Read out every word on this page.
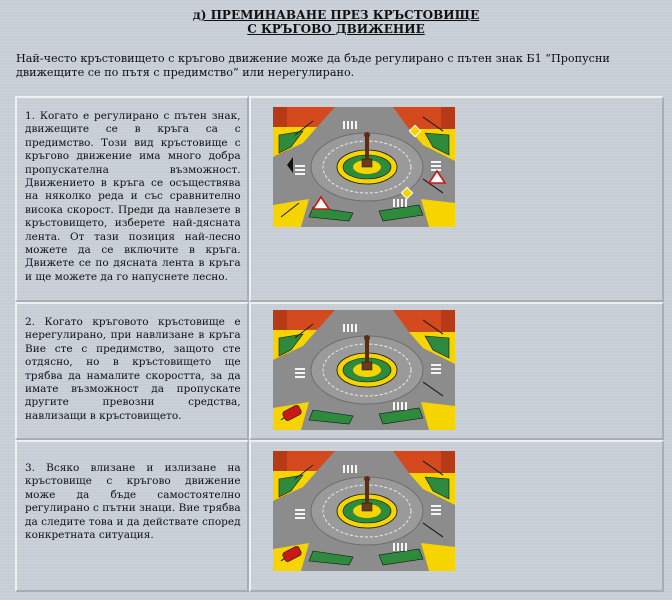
д) ПРЕМИНАВАНЕ ПРЕЗ КРЪСТОВИЩЕ
С КРЪГОВО ДВИЖЕНИЕ
Най-често кръстовището с кръгово движение може да бъде регулирано с пътен знак Б1 “Пропусни движещите се по пътя с предимство” или нерегулирано.
1. Когато е регулирано с пътен знак, движещите се в кръга са с предимство. Този вид кръстовище с кръгово движение има много добра пропускателна възможност. Движението в кръга се осъществява на няколко реда и със сравнително висока скорост. Преди да навлезете в кръстовището, изберете най-дясната лента. От тази позиция най-лесно можете да се включите в кръга. Движете се по дясната лента в кръга и ще можете да го напуснете лесно.

2. Когато кръговото кръстовище е нерегулирано, при навлизане в кръга Вие сте с предимство, защото сте отдясно, но в кръстовището ще трябва да намалите скоростта, за да имате възможност да пропускате другите превозни средства, навлизащи в кръстовището.

3. Всяко влизане и излизане на кръстовище с кръгово движение може да бъде самостоятелно регулирано с пътни знаци. Вие трябва да следите това и да действате според конкретната ситуация.
